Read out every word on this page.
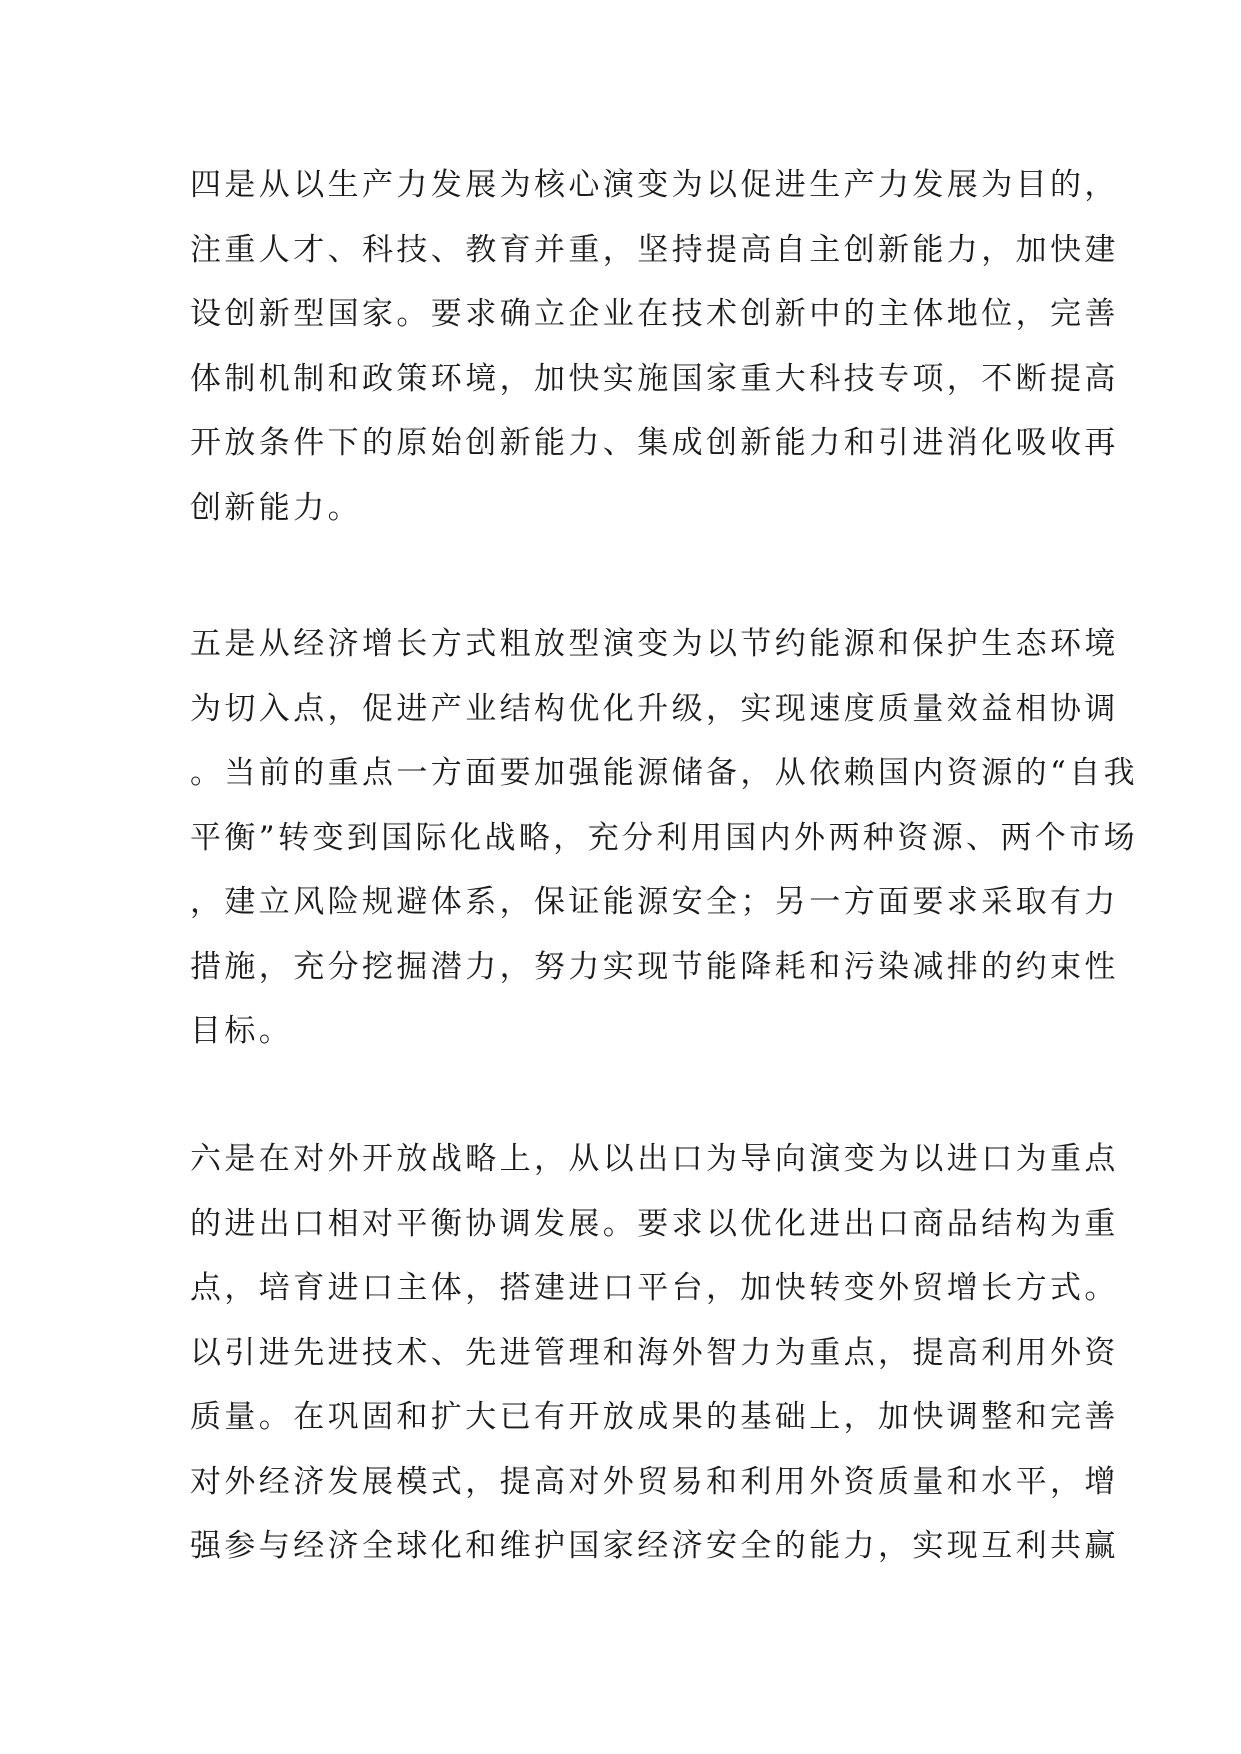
四是从以生产力发展为核心演变为以促进生产力发展为目的，
注重人才、科技、教育并重，坚持提高自主创新能力，加快建
设创新型国家。要求确立企业在技术创新中的主体地位，完善
体制机制和政策环境，加快实施国家重大科技专项，不断提高
开放条件下的原始创新能力、集成创新能力和引进消化吸收再
创新能力。
五是从经济增长方式粗放型演变为以节约能源和保护生态环境
为切入点，促进产业结构优化升级，实现速度质量效益相协调
。当前的重点一方面要加强能源储备，从依赖国内资源的“自我
平衡”转变到国际化战略，充分利用国内外两种资源、两个市场
，建立风险规避体系，保证能源安全；另一方面要求采取有力
措施，充分挖掘潜力，努力实现节能降耗和污染减排的约束性
目标。
六是在对外开放战略上，从以出口为导向演变为以进口为重点
的进出口相对平衡协调发展。要求以优化进出口商品结构为重
点，培育进口主体，搭建进口平台，加快转变外贸增长方式。
以引进先进技术、先进管理和海外智力为重点，提高利用外资
质量。在巩固和扩大已有开放成果的基础上，加快调整和完善
对外经济发展模式，提高对外贸易和利用外资质量和水平，增
强参与经济全球化和维护国家经济安全的能力，实现互利共赢
